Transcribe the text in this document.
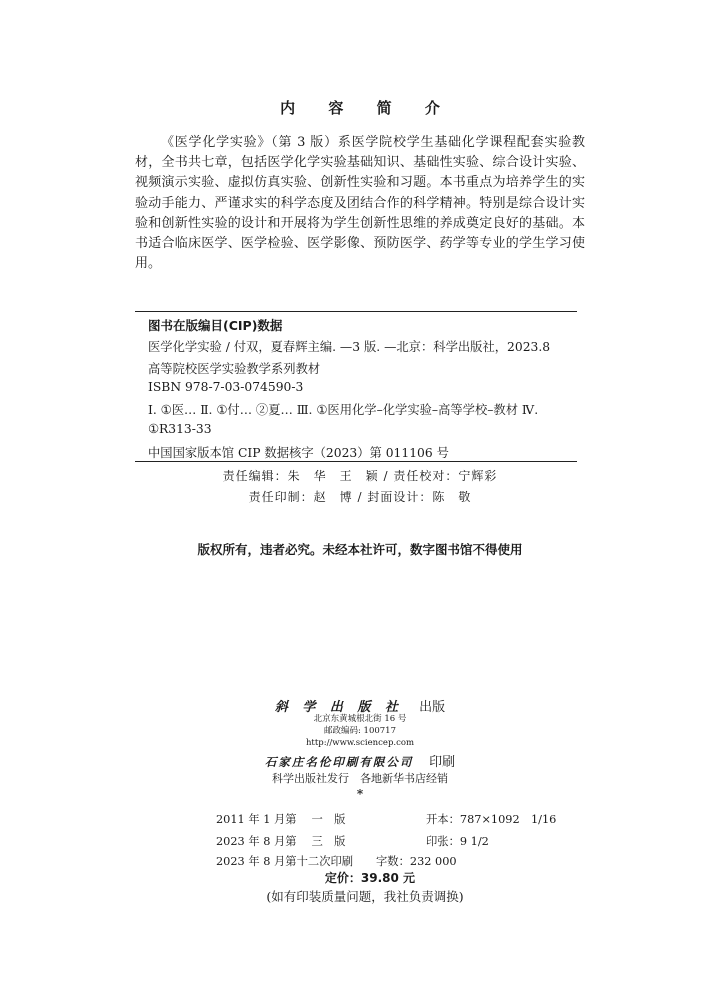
内 容 简 介
《医学化学实验》（第 3 版）系医学院校学生基础化学课程配套实验教材，全书共七章，包括医学化学实验基础知识、基础性实验、综合设计实验、视频演示实验、虚拟仿真实验、创新性实验和习题。本书重点为培养学生的实验动手能力、严谨求实的科学态度及团结合作的科学精神。特别是综合设计实验和创新性实验的设计和开展将为学生创新性思维的养成奠定良好的基础。本书适合临床医学、医学检验、医学影像、预防医学、药学等专业的学生学习使用。
图书在版编目(CIP)数据
医学化学实验 / 付双，夏春辉主编. —3 版. —北京：科学出版社，2023.8
高等院校医学实验教学系列教材
ISBN 978-7-03-074590-3
Ⅰ. ①医… Ⅱ. ①付… ②夏… Ⅲ. ①医用化学–化学实验–高等学校–教材 Ⅳ. ①R313-33
中国国家版本馆 CIP 数据核字（2023）第 011106 号
责任编辑：朱　华　王　颖 / 责任校对：宁辉彩
责任印制：赵　博 / 封面设计：陈　敬
版权所有，违者必究。未经本社许可，数字图书馆不得使用
斜 学 出 版 社 出版
北京东黄城根北街 16 号
邮政编码: 100717
http://www.sciencep.com
石家庄名伦印刷有限公司 印刷
科学出版社发行　各地新华书店经销
*
2011 年 1 月第　 一　版	开本：787×1092　1/16
2023 年 8 月第　 三　版	印张：9 1/2
2023 年 8 月第十二次印刷 字数：232 000
定价：39.80 元
(如有印装质量问题，我社负责调换)
